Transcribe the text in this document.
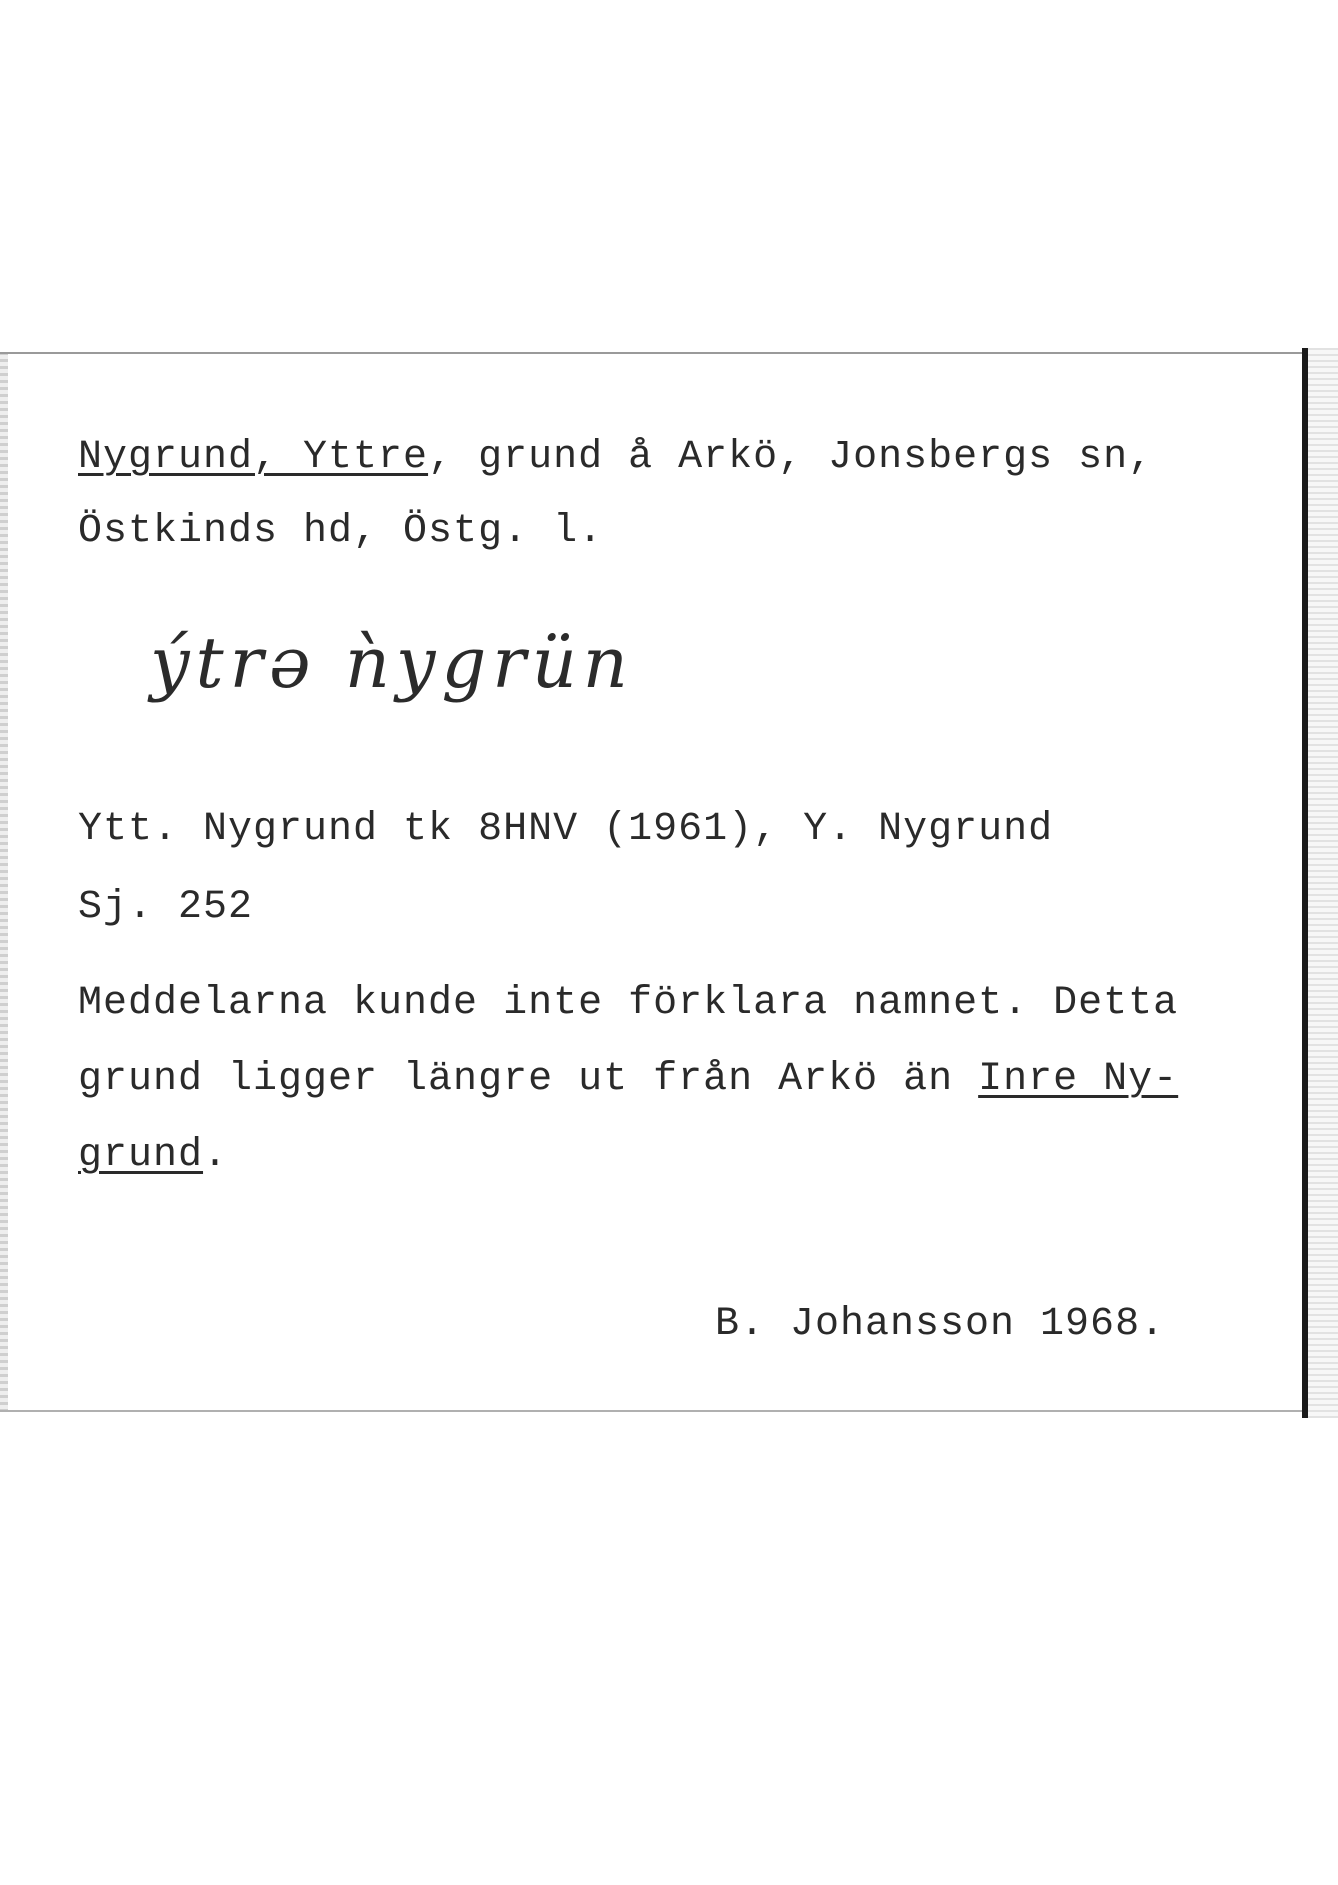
Nygrund, Yttre, grund å Arkö, Jonsbergs sn,
Östkinds hd, Östg. l.
ýtrə ǹygrün
Ytt. Nygrund tk 8HNV (1961), Y. Nygrund
Sj. 252
Meddelarna kunde inte förklara namnet. Detta
grund ligger längre ut från Arkö än Inre Ny-
grund.
B. Johansson 1968.
